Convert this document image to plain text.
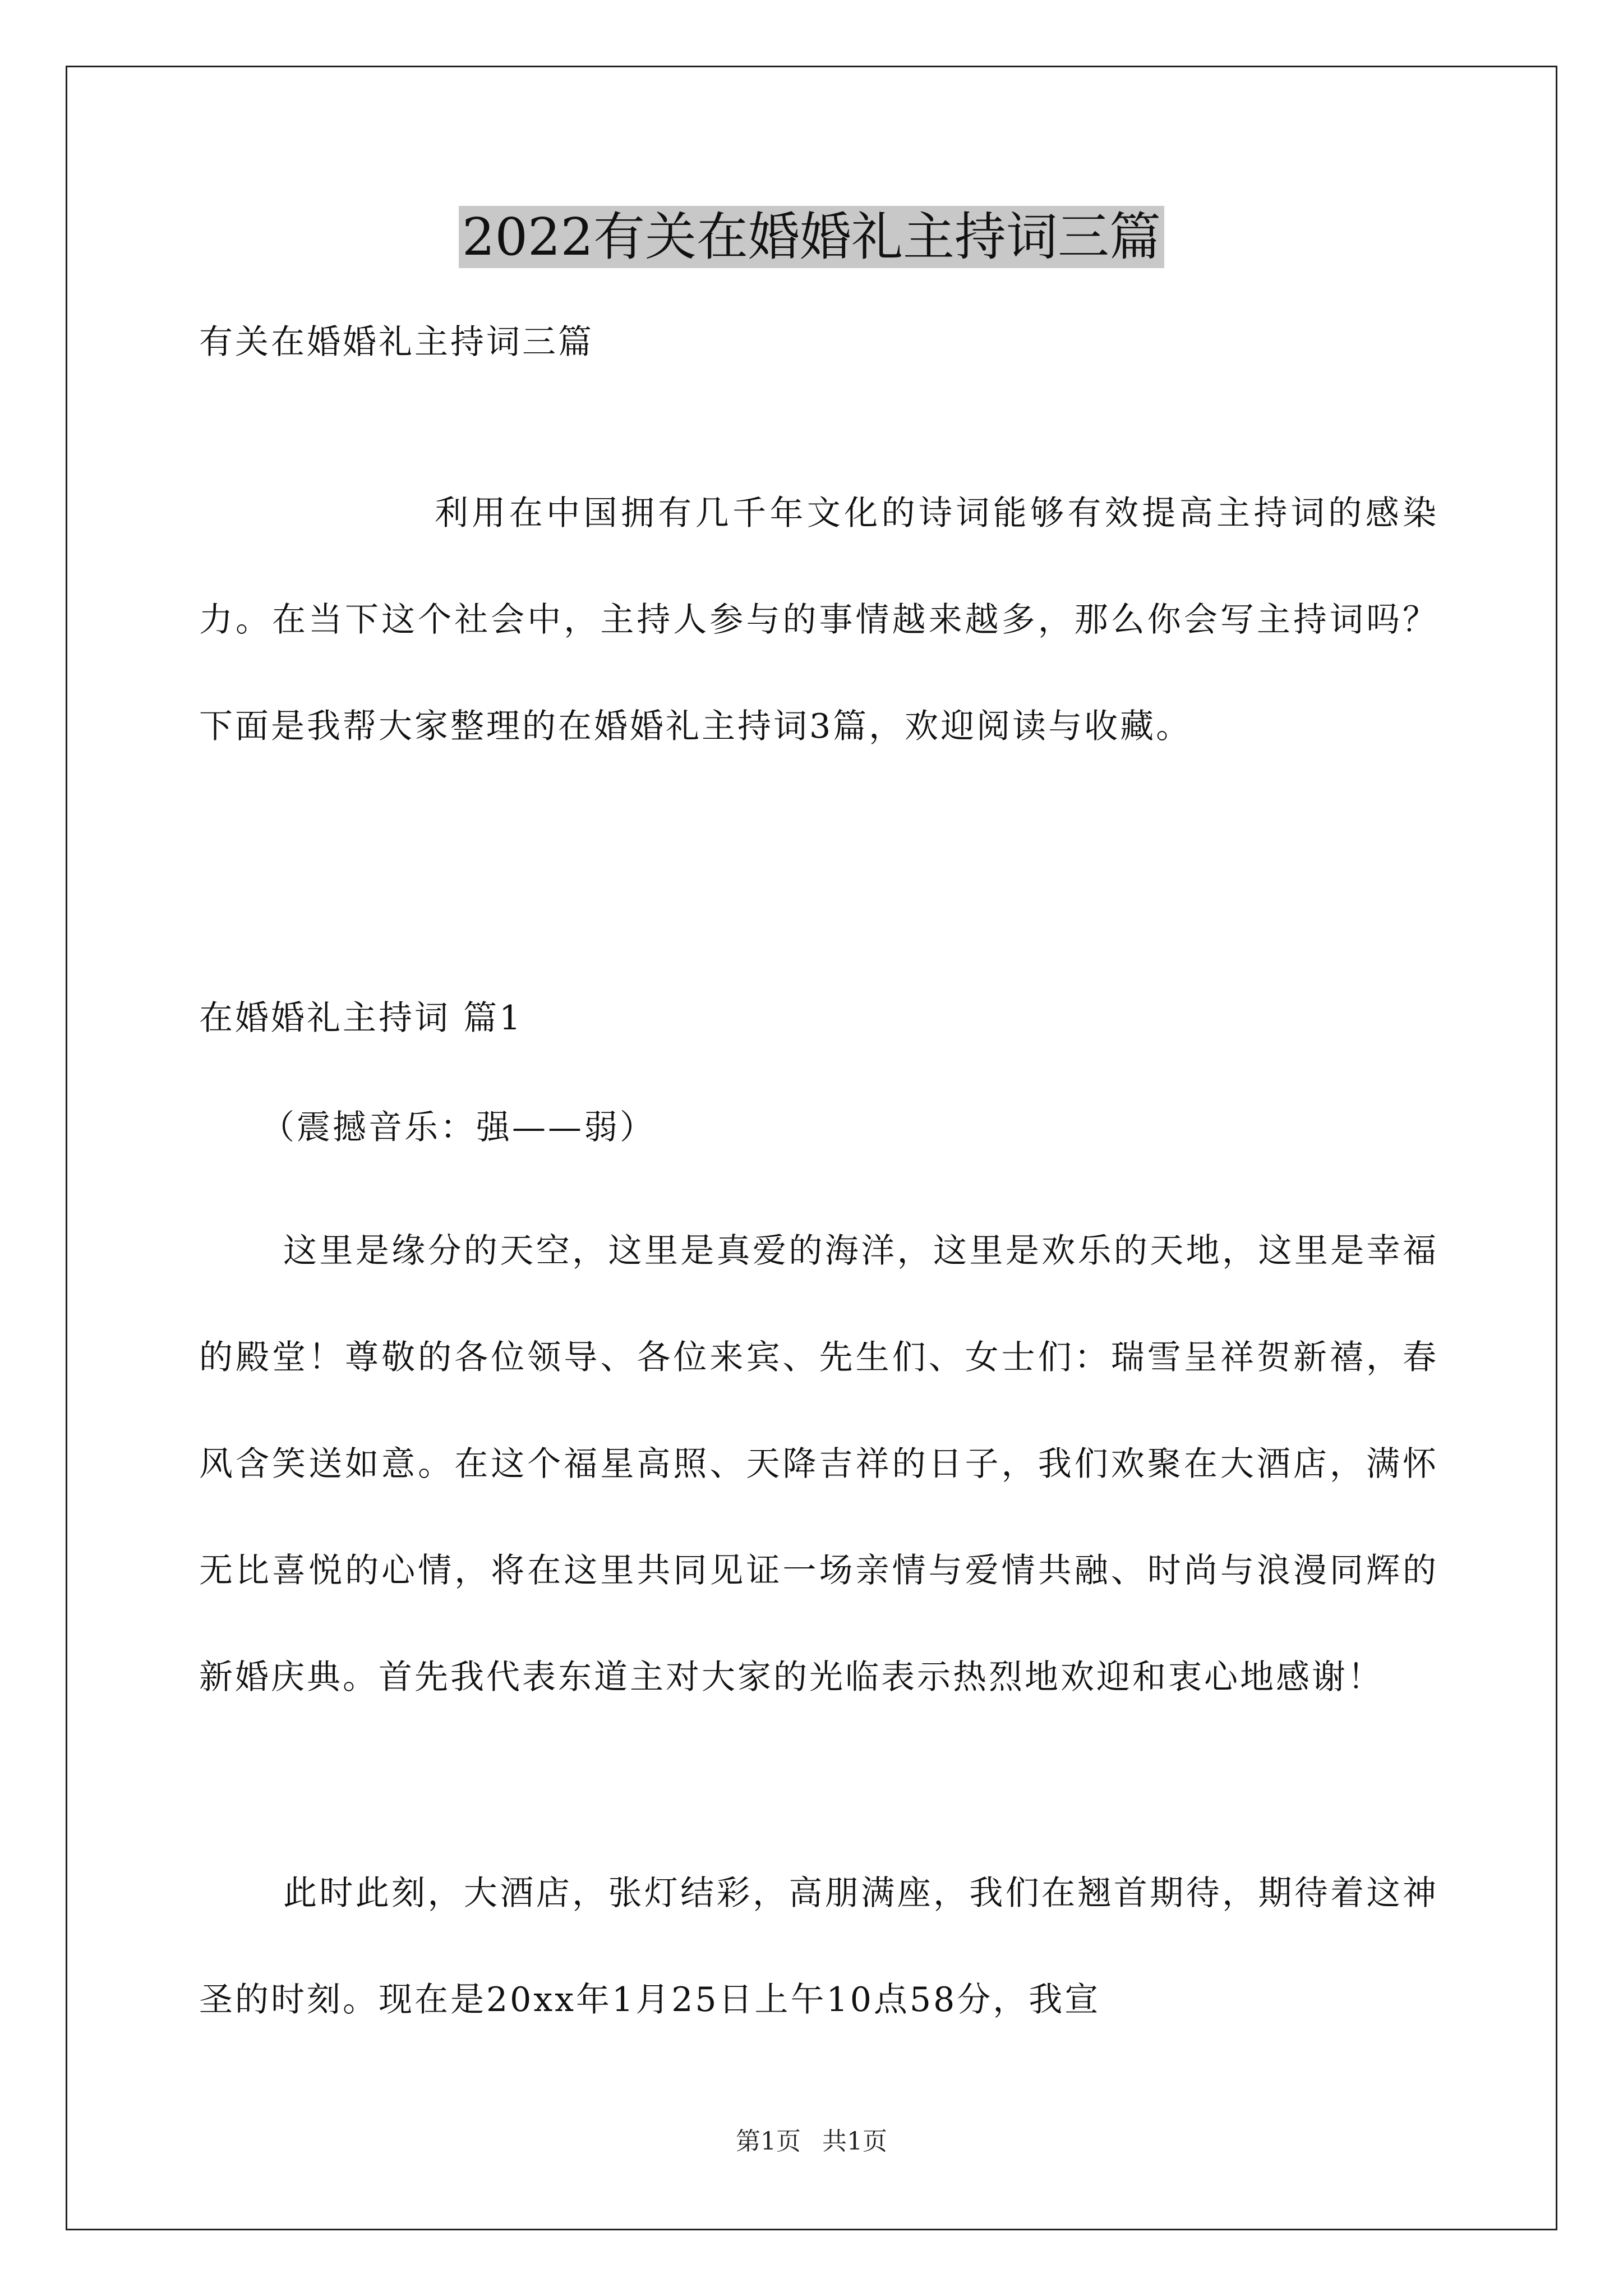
2022有关在婚婚礼主持词三篇

有关在婚婚礼主持词三篇

利用在中国拥有几千年文化的诗词能够有效提高主持词的感染力。在当下这个社会中，主持人参与的事情越来越多，那么你会写主持词吗？下面是我帮大家整理的在婚婚礼主持词3篇，欢迎阅读与收藏。

在婚婚礼主持词 篇1

（震撼音乐：强——弱）

这里是缘分的天空，这里是真爱的海洋，这里是欢乐的天地，这里是幸福的殿堂！尊敬的各位领导、各位来宾、先生们、女士们：瑞雪呈祥贺新禧，春风含笑送如意。在这个福星高照、天降吉祥的日子，我们欢聚在大酒店，满怀无比喜悦的心情，将在这里共同见证一场亲情与爱情共融、时尚与浪漫同辉的新婚庆典。首先我代表东道主对大家的光临表示热烈地欢迎和衷心地感谢！

此时此刻，大酒店，张灯结彩，高朋满座，我们在翘首期待，期待着这神圣的时刻。现在是20xx年1月25日上午10点58分，我宣

第1页 共1页
